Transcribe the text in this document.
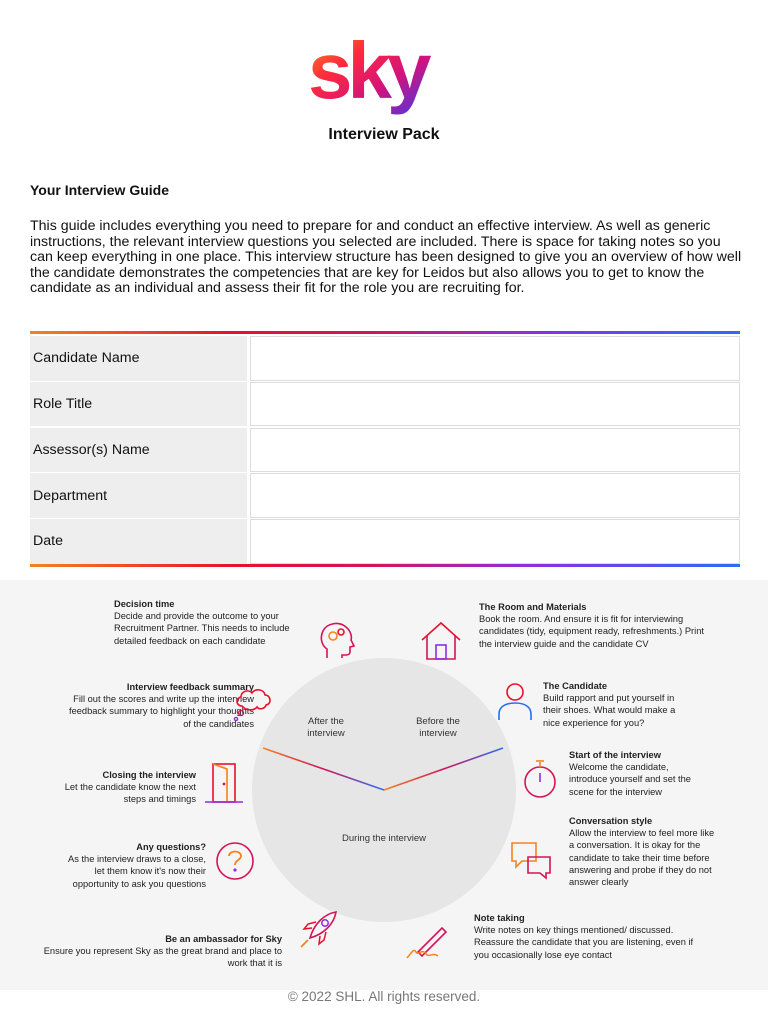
sky
Interview Pack
Your Interview Guide

This guide includes everything you need to prepare for and conduct an effective interview. As well as generic instructions, the relevant interview questions you selected are included. There is space for taking notes so you can keep everything in one place. This interview structure has been designed to give you an overview of how well the candidate demonstrates the competencies that are key for Leidos but also allows you to get to know the candidate as an individual and assess their fit for the role you are recruiting for.

Candidate Name
Role Title
Assessor(s) Name
Department
Date
After the interview
Before the interview
During the interview
Decision time
Decide and provide the outcome to your Recruitment Partner. This needs to include detailed feedback on each candidate
Interview feedback summary
Fill out the scores and write up the interview feedback summary to highlight your thoughts of the candidates
Closing the interview
Let the candidate know the next steps and timings
Any questions?
As the interview draws to a close, let them know it's now their opportunity to ask you questions
Be an ambassador for Sky
Ensure you represent Sky as the great brand and place to work that it is
The Room and Materials
Book the room. And ensure it is fit for interviewing candidates (tidy, equipment ready, refreshments.) Print the interview guide and the candidate CV
The Candidate
Build rapport and put yourself in their shoes. What would make a nice experience for you?
Start of the interview
Welcome the candidate, introduce yourself and set the scene for the interview
Conversation style
Allow the interview to feel more like a conversation. It is okay for the candidate to take their time before answering and probe if they do not answer clearly
Note taking
Write notes on key things mentioned/ discussed. Reassure the candidate that you are listening, even if you occasionally lose eye contact
© 2022 SHL. All rights reserved.
